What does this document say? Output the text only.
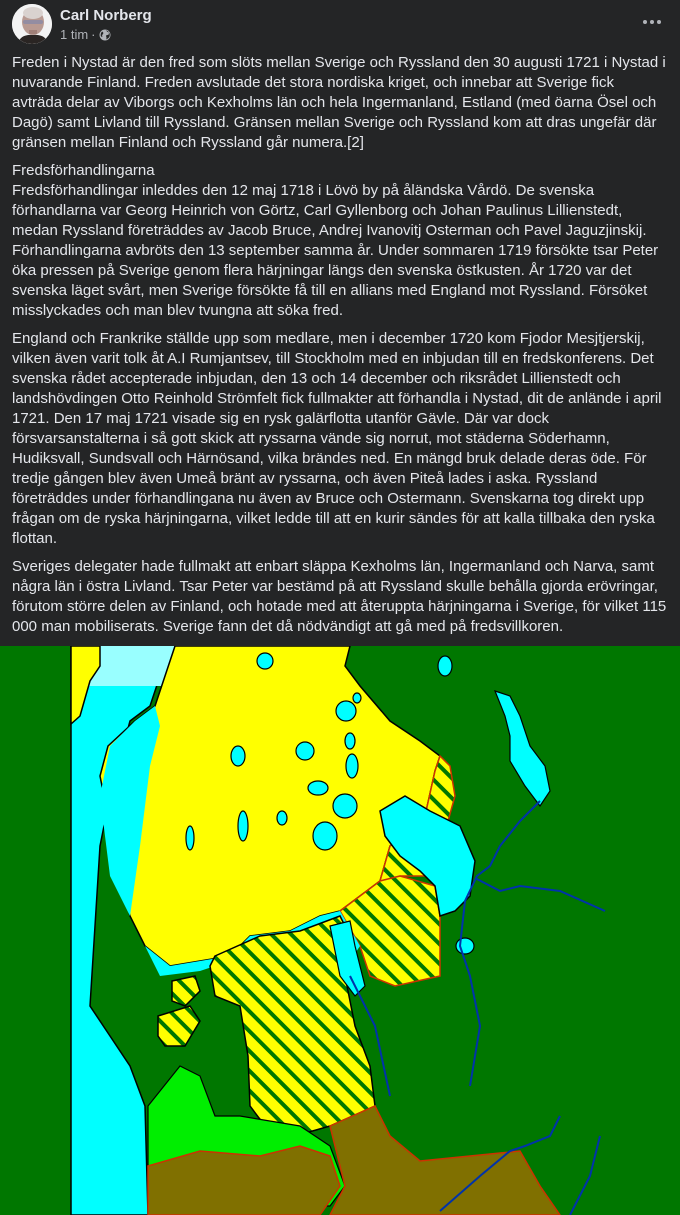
Carl Norberg
1 tim ·

Freden i Nystad är den fred som slöts mellan Sverige och Ryssland den 30 augusti 1721 i Nystad i nuvarande Finland. Freden avslutade det stora nordiska kriget, och innebar att Sverige fick avträda delar av Viborgs och Kexholms län och hela Ingermanland, Estland (med öarna Ösel och Dagö) samt Livland till Ryssland. Gränsen mellan Sverige och Ryssland kom att dras ungefär där gränsen mellan Finland och Ryssland går numera.[2]

Fredsförhandlingarna
Fredsförhandlingar inleddes den 12 maj 1718 i Lövö by på åländska Vårdö. De svenska förhandlarna var Georg Heinrich von Görtz, Carl Gyllenborg och Johan Paulinus Lillienstedt, medan Ryssland företräddes av Jacob Bruce, Andrej Ivanovitj Osterman och Pavel Jaguzjinskij. Förhandlingarna avbröts den 13 september samma år. Under sommaren 1719 försökte tsar Peter öka pressen på Sverige genom flera härjningar längs den svenska östkusten. År 1720 var det svenska läget svårt, men Sverige försökte få till en allians med England mot Ryssland. Försöket misslyckades och man blev tvungna att söka fred.

England och Frankrike ställde upp som medlare, men i december 1720 kom Fjodor Mesjtjerskij, vilken även varit tolk åt A.I Rumjantsev, till Stockholm med en inbjudan till en fredskonferens. Det svenska rådet accepterade inbjudan, den 13 och 14 december och riksrådet Lillienstedt och landshövdingen Otto Reinhold Strömfelt fick fullmakter att förhandla i Nystad, dit de anlände i april 1721. Den 17 maj 1721 visade sig en rysk galärflotta utanför Gävle. Där var dock försvarsanstalterna i så gott skick att ryssarna vände sig norrut, mot städerna Söderhamn, Hudiksvall, Sundsvall och Härnösand, vilka brändes ned. En mängd bruk delade deras öde. För tredje gången blev även Umeå bränt av ryssarna, och även Piteå lades i aska. Ryssland företräddes under förhandlingana nu även av Bruce och Ostermann. Svenskarna tog direkt upp frågan om de ryska härjningarna, vilket ledde till att en kurir sändes för att kalla tillbaka den ryska flottan.

Sveriges delegater hade fullmakt att enbart släppa Kexholms län, Ingermanland och Narva, samt några län i östra Livland. Tsar Peter var bestämd på att Ryssland skulle behålla gjorda erövringar, förutom större delen av Finland, och hotade med att återuppta härjningarna i Sverige, för vilket 115 000 man mobiliserats. Sverige fann det då nödvändigt att gå med på fredsvillkoren.
